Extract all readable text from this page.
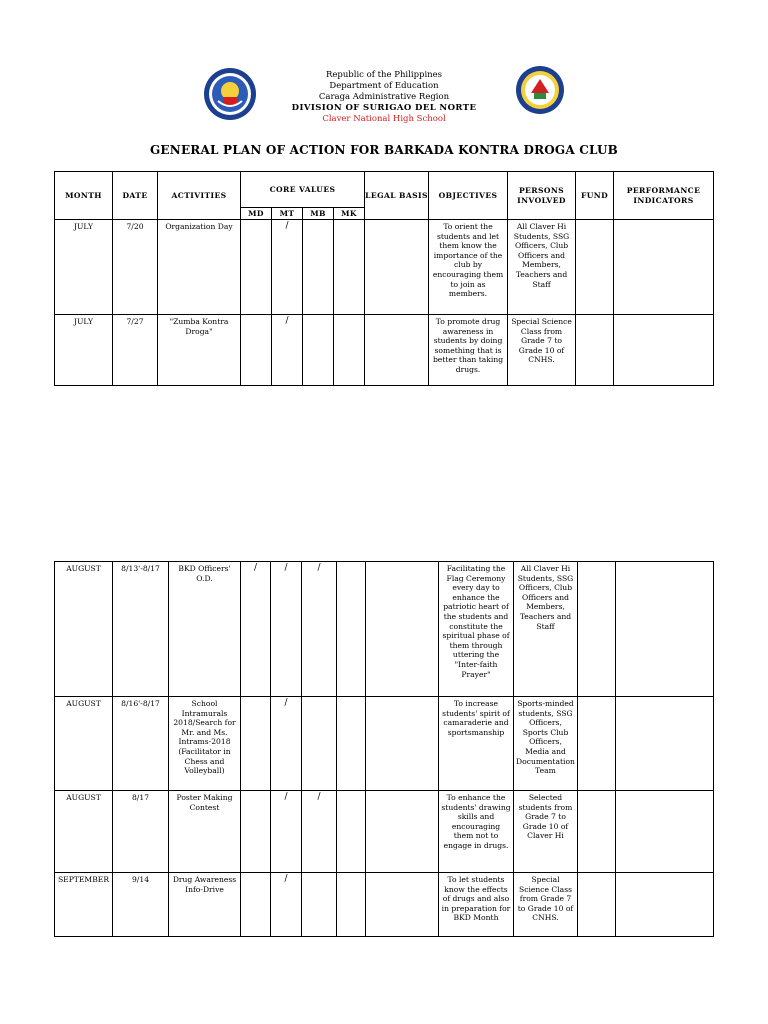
Republic of the Philippines
Department of Education
Caraga Administrative Region
DIVISION OF SURIGAO DEL NORTE
Claver National High School
GENERAL PLAN OF ACTION FOR BARKADA KONTRA DROGA CLUB
MONTH	DATE	ACTIVITIES	CORE VALUES				LEGAL BASIS	OBJECTIVES	PERSONS INVOLVED	FUND	PERFORMANCE INDICATORS
			MD	MT	MB	MK					

JULY	7/20	Organization Day		/				To orient the students and let them know the importance of the club by encouraging them to join as members.	All Claver Hi Students, SSG Officers, Club Officers and Members, Teachers and Staff		

JULY	7/27	"Zumba Kontra Droga"		/				To promote drug awareness in students by doing something that is better than taking drugs.	Special Science Class from Grade 7 to Grade 10 of CNHS.		

AUGUST	8/13'-8/17	BKD Officers' O.D.	/	/	/			Facilitating the Flag Ceremony every day to enhance the patriotic heart of the students and constitute the spiritual phase of them through uttering the "Inter-faith Prayer"	All Claver Hi Students, SSG Officers, Club Officers and Members, Teachers and Staff		

AUGUST	8/16'-8/17	School Intramurals 2018/Search for Mr. and Ms. Intrams-2018 (Facilitator in Chess and Volleyball)		/				To increase students' spirit of camaraderie and sportsmanship	Sports-minded students, SSG Officers, Sports Club Officers, Media and Documentation Team		

AUGUST	8/17	Poster Making Contest		/	/			To enhance the students' drawing skills and encouraging them not to engage in drugs.	Selected students from Grade 7 to Grade 10 of Claver Hi		

SEPTEMBER	9/14	Drug Awareness Info-Drive		/				To let students know the effects of drugs and also in preparation for BKD Month	Special Science Class from Grade 7 to Grade 10 of CNHS.		
